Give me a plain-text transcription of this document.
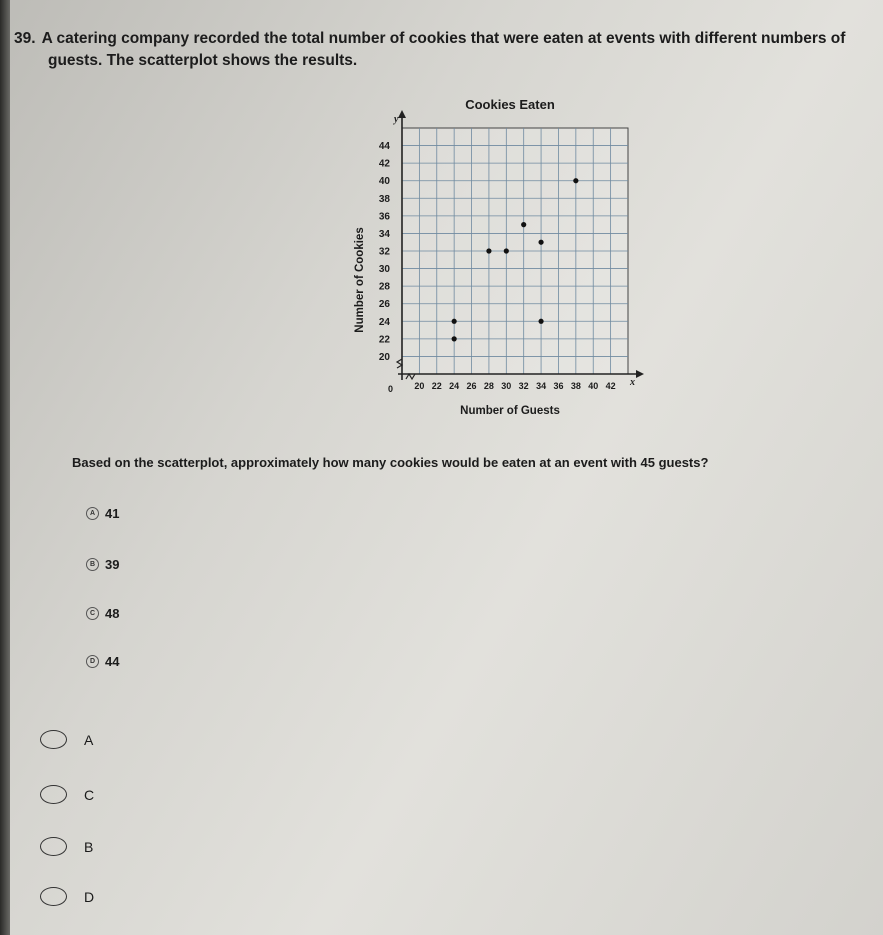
39. A catering company recorded the total number of cookies that were eaten at events with different numbers of
guests. The scatterplot shows the results.
Cookies Eaten
20 22 24 26 28 30 32 34 36 38 40 42
20
22
24
26
28
30
32
34
36
38
40
42
44
Number of Guests
Number of Cookies
x
y
0
Based on the scatterplot, approximately how many cookies would be eaten at an event with 45 guests?
A 41
B 39
C 48
D 44
A
C
B
D
